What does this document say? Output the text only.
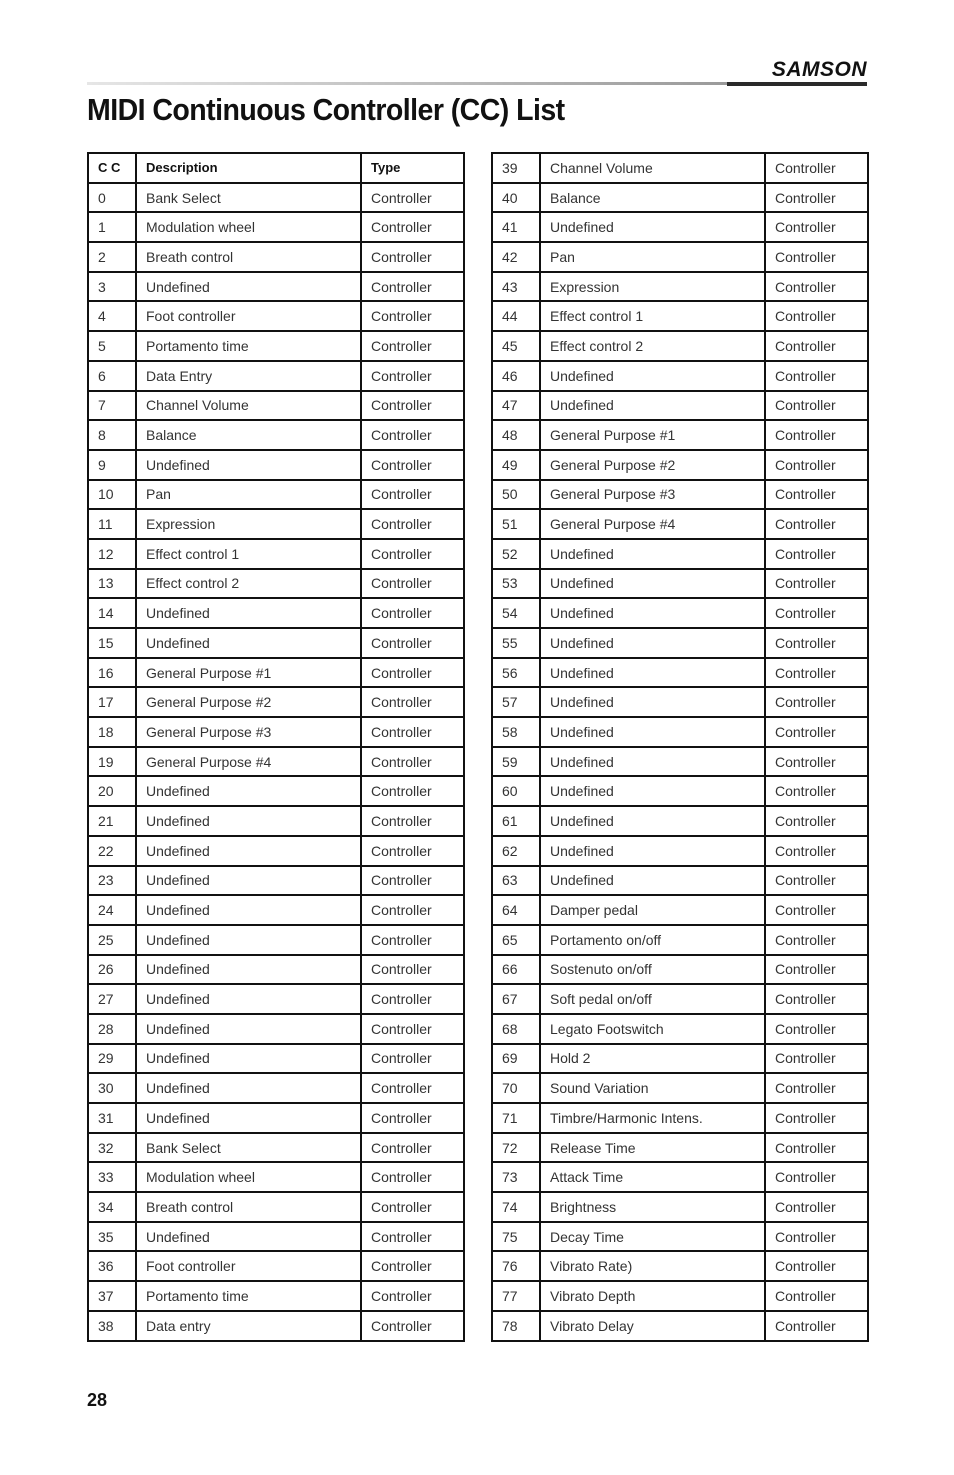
SAMSON
MIDI Continuous Controller (CC) List
C C	Description	Type
0	Bank Select	Controller
1	Modulation wheel	Controller
2	Breath control	Controller
3	Undefined	Controller
4	Foot controller	Controller
5	Portamento time	Controller
6	Data Entry	Controller
7	Channel Volume	Controller
8	Balance	Controller
9	Undefined	Controller
10	Pan	Controller
11	Expression	Controller
12	Effect control 1	Controller
13	Effect control 2	Controller
14	Undefined	Controller
15	Undefined	Controller
16	General Purpose #1	Controller
17	General Purpose #2	Controller
18	General Purpose #3	Controller
19	General Purpose #4	Controller
20	Undefined	Controller
21	Undefined	Controller
22	Undefined	Controller
23	Undefined	Controller
24	Undefined	Controller
25	Undefined	Controller
26	Undefined	Controller
27	Undefined	Controller
28	Undefined	Controller
29	Undefined	Controller
30	Undefined	Controller
31	Undefined	Controller
32	Bank Select	Controller
33	Modulation wheel	Controller
34	Breath control	Controller
35	Undefined	Controller
36	Foot controller	Controller
37	Portamento time	Controller
38	Data entry	Controller
39	Channel Volume	Controller
40	Balance	Controller
41	Undefined	Controller
42	Pan	Controller
43	Expression	Controller
44	Effect control 1	Controller
45	Effect control 2	Controller
46	Undefined	Controller
47	Undefined	Controller
48	General Purpose #1	Controller
49	General Purpose #2	Controller
50	General Purpose #3	Controller
51	General Purpose #4	Controller
52	Undefined	Controller
53	Undefined	Controller
54	Undefined	Controller
55	Undefined	Controller
56	Undefined	Controller
57	Undefined	Controller
58	Undefined	Controller
59	Undefined	Controller
60	Undefined	Controller
61	Undefined	Controller
62	Undefined	Controller
63	Undefined	Controller
64	Damper pedal	Controller
65	Portamento on/off	Controller
66	Sostenuto on/off	Controller
67	Soft pedal on/off	Controller
68	Legato Footswitch	Controller
69	Hold 2	Controller
70	Sound Variation	Controller
71	Timbre/Harmonic Intens.	Controller
72	Release Time	Controller
73	Attack Time	Controller
74	Brightness	Controller
75	Decay Time	Controller
76	Vibrato Rate)	Controller
77	Vibrato Depth	Controller
78	Vibrato Delay	Controller
28
